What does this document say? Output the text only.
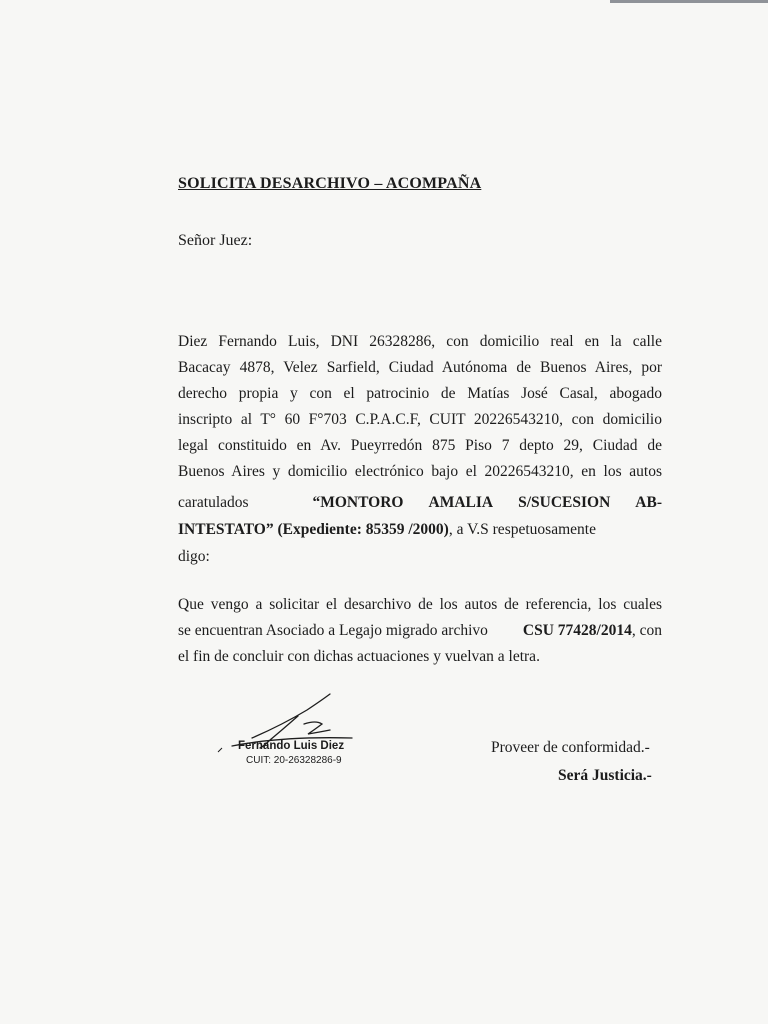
SOLICITA DESARCHIVO – ACOMPAÑA
Señor Juez:
Diez Fernando Luis, DNI 26328286, con domicilio real en la calle
Bacacay 4878, Velez Sarfield, Ciudad Autónoma de Buenos Aires, por
derecho propia y con el patrocinio de Matías José Casal, abogado
inscripto al T° 60 F°703 C.P.A.C.F, CUIT 20226543210, con domicilio
legal constituido en Av. Pueyrredón 875 Piso 7 depto 29, Ciudad de
Buenos Aires y domicilio electrónico bajo el 20226543210, en los autos
caratulados	“MONTORO AMALIA S/SUCESION AB-
INTESTATO” (Expediente: 85359 /2000), a V.S respetuosamente
digo:
Que vengo a solicitar el desarchivo de los autos de referencia, los cuales
se encuentran Asociado a Legajo migrado archivo CSU 77428/2014, con
el fin de concluir con dichas actuaciones y vuelvan a letra.
Fernando Luis Diez
CUIT: 20-26328286-9
Proveer de conformidad.-
Será Justicia.-
